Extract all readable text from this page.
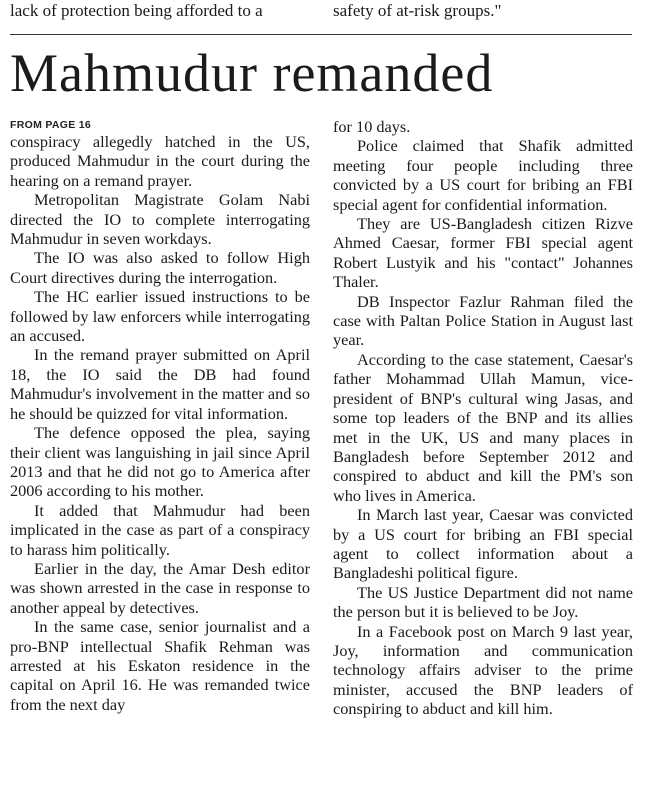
lack of protection being afforded to a	safety of at-risk groups."
Mahmudur remanded

FROM PAGE 16

conspiracy allegedly hatched in the US, produced Mahmudur in the court during the hearing on a remand prayer.

Metropolitan Magistrate Golam Nabi directed the IO to complete interrogating Mahmudur in seven workdays.

The IO was also asked to follow High Court directives during the interrogation.

The HC earlier issued instructions to be followed by law enforcers while interrogating an accused.

In the remand prayer submitted on April 18, the IO said the DB had found Mahmudur's involvement in the matter and so he should be quizzed for vital information.

The defence opposed the plea, saying their client was languishing in jail since April 2013 and that he did not go to America after 2006 according to his mother.

It added that Mahmudur had been implicated in the case as part of a conspiracy to harass him politically.

Earlier in the day, the Amar Desh editor was shown arrested in the case in response to another appeal by detectives.

In the same case, senior journalist and a pro-BNP intellectual Shafik Rehman was arrested at his Eskaton residence in the capital on April 16. He was remanded twice from the next day

for 10 days.

Police claimed that Shafik admitted meeting four people including three convicted by a US court for bribing an FBI special agent for confidential information.

They are US-Bangladesh citizen Rizve Ahmed Caesar, former FBI special agent Robert Lustyik and his "contact" Johannes Thaler.

DB Inspector Fazlur Rahman filed the case with Paltan Police Station in August last year.

According to the case statement, Caesar's father Mohammad Ullah Mamun, vice-president of BNP's cultural wing Jasas, and some top leaders of the BNP and its allies met in the UK, US and many places in Bangladesh before September 2012 and conspired to abduct and kill the PM's son who lives in America.

In March last year, Caesar was convicted by a US court for bribing an FBI special agent to collect information about a Bangladeshi political figure.

The US Justice Department did not name the person but it is believed to be Joy.

In a Facebook post on March 9 last year, Joy, information and communication technology affairs adviser to the prime minister, accused the BNP leaders of conspiring to abduct and kill him.
